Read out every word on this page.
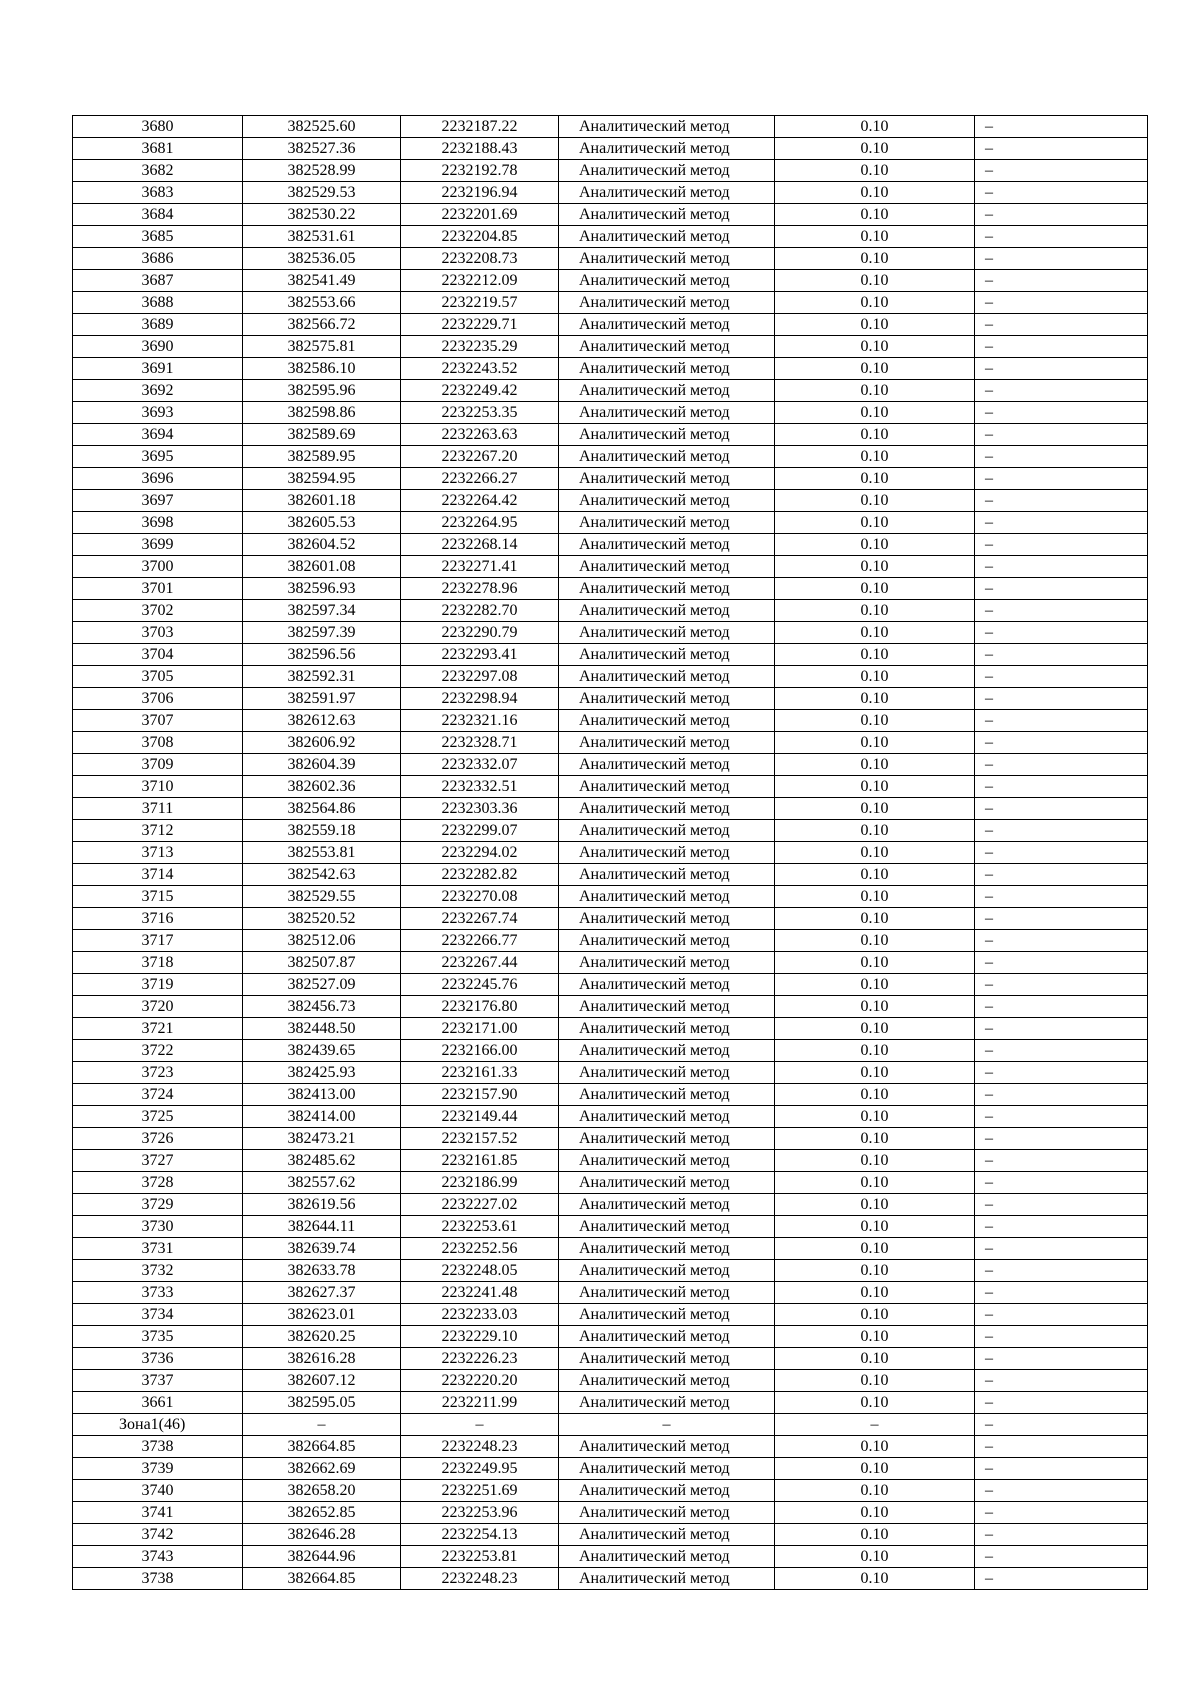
3680	382525.60	2232187.22	Аналитический метод	0.10	–
3681	382527.36	2232188.43	Аналитический метод	0.10	–
3682	382528.99	2232192.78	Аналитический метод	0.10	–
3683	382529.53	2232196.94	Аналитический метод	0.10	–
3684	382530.22	2232201.69	Аналитический метод	0.10	–
3685	382531.61	2232204.85	Аналитический метод	0.10	–
3686	382536.05	2232208.73	Аналитический метод	0.10	–
3687	382541.49	2232212.09	Аналитический метод	0.10	–
3688	382553.66	2232219.57	Аналитический метод	0.10	–
3689	382566.72	2232229.71	Аналитический метод	0.10	–
3690	382575.81	2232235.29	Аналитический метод	0.10	–
3691	382586.10	2232243.52	Аналитический метод	0.10	–
3692	382595.96	2232249.42	Аналитический метод	0.10	–
3693	382598.86	2232253.35	Аналитический метод	0.10	–
3694	382589.69	2232263.63	Аналитический метод	0.10	–
3695	382589.95	2232267.20	Аналитический метод	0.10	–
3696	382594.95	2232266.27	Аналитический метод	0.10	–
3697	382601.18	2232264.42	Аналитический метод	0.10	–
3698	382605.53	2232264.95	Аналитический метод	0.10	–
3699	382604.52	2232268.14	Аналитический метод	0.10	–
3700	382601.08	2232271.41	Аналитический метод	0.10	–
3701	382596.93	2232278.96	Аналитический метод	0.10	–
3702	382597.34	2232282.70	Аналитический метод	0.10	–
3703	382597.39	2232290.79	Аналитический метод	0.10	–
3704	382596.56	2232293.41	Аналитический метод	0.10	–
3705	382592.31	2232297.08	Аналитический метод	0.10	–
3706	382591.97	2232298.94	Аналитический метод	0.10	–
3707	382612.63	2232321.16	Аналитический метод	0.10	–
3708	382606.92	2232328.71	Аналитический метод	0.10	–
3709	382604.39	2232332.07	Аналитический метод	0.10	–
3710	382602.36	2232332.51	Аналитический метод	0.10	–
3711	382564.86	2232303.36	Аналитический метод	0.10	–
3712	382559.18	2232299.07	Аналитический метод	0.10	–
3713	382553.81	2232294.02	Аналитический метод	0.10	–
3714	382542.63	2232282.82	Аналитический метод	0.10	–
3715	382529.55	2232270.08	Аналитический метод	0.10	–
3716	382520.52	2232267.74	Аналитический метод	0.10	–
3717	382512.06	2232266.77	Аналитический метод	0.10	–
3718	382507.87	2232267.44	Аналитический метод	0.10	–
3719	382527.09	2232245.76	Аналитический метод	0.10	–
3720	382456.73	2232176.80	Аналитический метод	0.10	–
3721	382448.50	2232171.00	Аналитический метод	0.10	–
3722	382439.65	2232166.00	Аналитический метод	0.10	–
3723	382425.93	2232161.33	Аналитический метод	0.10	–
3724	382413.00	2232157.90	Аналитический метод	0.10	–
3725	382414.00	2232149.44	Аналитический метод	0.10	–
3726	382473.21	2232157.52	Аналитический метод	0.10	–
3727	382485.62	2232161.85	Аналитический метод	0.10	–
3728	382557.62	2232186.99	Аналитический метод	0.10	–
3729	382619.56	2232227.02	Аналитический метод	0.10	–
3730	382644.11	2232253.61	Аналитический метод	0.10	–
3731	382639.74	2232252.56	Аналитический метод	0.10	–
3732	382633.78	2232248.05	Аналитический метод	0.10	–
3733	382627.37	2232241.48	Аналитический метод	0.10	–
3734	382623.01	2232233.03	Аналитический метод	0.10	–
3735	382620.25	2232229.10	Аналитический метод	0.10	–
3736	382616.28	2232226.23	Аналитический метод	0.10	–
3737	382607.12	2232220.20	Аналитический метод	0.10	–
3661	382595.05	2232211.99	Аналитический метод	0.10	–
Зона1(46)	–	–	–	–	–
3738	382664.85	2232248.23	Аналитический метод	0.10	–
3739	382662.69	2232249.95	Аналитический метод	0.10	–
3740	382658.20	2232251.69	Аналитический метод	0.10	–
3741	382652.85	2232253.96	Аналитический метод	0.10	–
3742	382646.28	2232254.13	Аналитический метод	0.10	–
3743	382644.96	2232253.81	Аналитический метод	0.10	–
3738	382664.85	2232248.23	Аналитический метод	0.10	–
